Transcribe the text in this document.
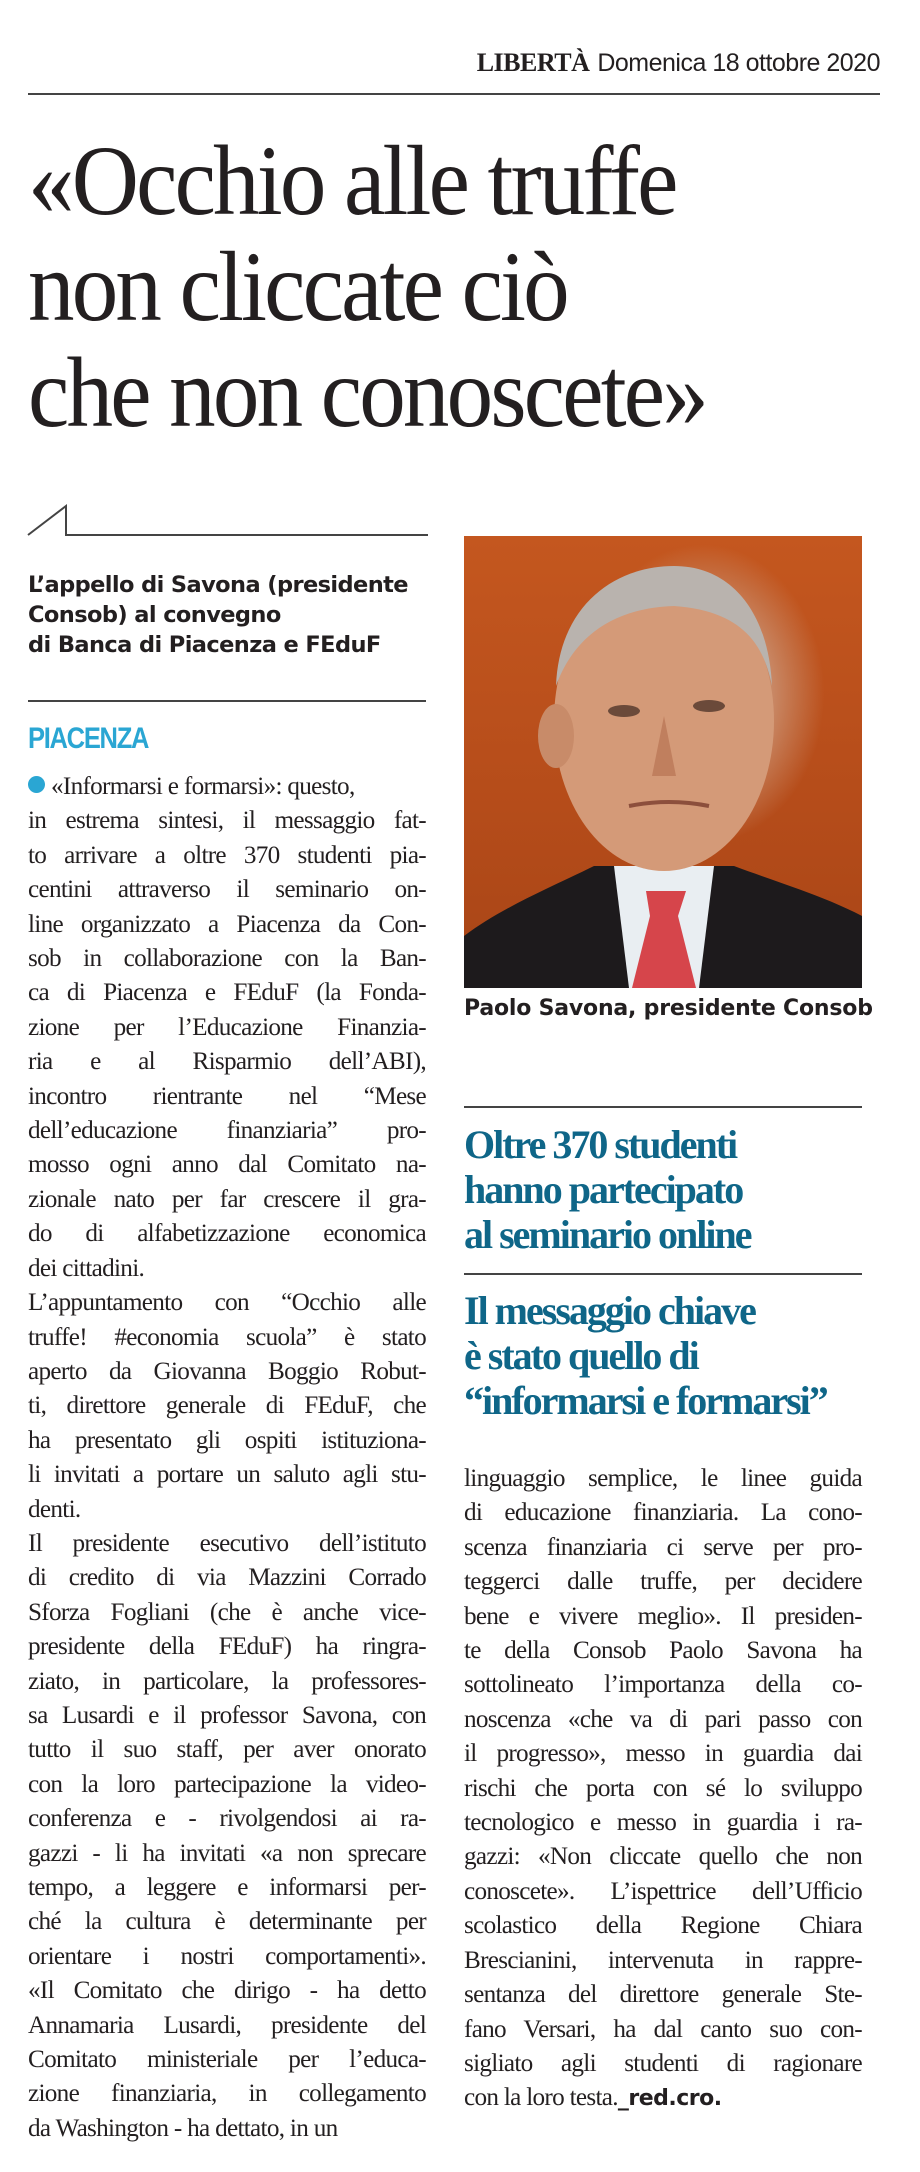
LIBERTÀ Domenica 18 ottobre 2020
«Occhio alle truffe
non cliccate ciò
che non conoscete»
L’appello di Savona (presidente
Consob) al convegno
di Banca di Piacenza e FEduF
PIACENZA
«Informarsi e formarsi»: questo,
in estrema sintesi, il messaggio fat-
to arrivare a oltre 370 studenti pia-
centini attraverso il seminario on-
line organizzato a Piacenza da Con-
sob in collaborazione con la Ban-
ca di Piacenza e FEduF (la Fonda-
zione per l’Educazione Finanzia-
ria e al Risparmio dell’ABI),
incontro rientrante nel “Mese
dell’educazione finanziaria” pro-
mosso ogni anno dal Comitato na-
zionale nato per far crescere il gra-
do di alfabetizzazione economica
dei cittadini.
L’appuntamento con “Occhio alle
truffe! #economia scuola” è stato
aperto da Giovanna Boggio Robut-
ti, direttore generale di FEduF, che
ha presentato gli ospiti istituziona-
li invitati a portare un saluto agli stu-
denti.
Il presidente esecutivo dell’istituto
di credito di via Mazzini Corrado
Sforza Fogliani (che è anche vice-
presidente della FEduF) ha ringra-
ziato, in particolare, la professores-
sa Lusardi e il professor Savona, con
tutto il suo staff, per aver onorato
con la loro partecipazione la video-
conferenza e - rivolgendosi ai ra-
gazzi - li ha invitati «a non sprecare
tempo, a leggere e informarsi per-
ché la cultura è determinante per
orientare i nostri comportamenti».
«Il Comitato che dirigo - ha detto
Annamaria Lusardi, presidente del
Comitato ministeriale per l’educa-
zione finanziaria, in collegamento
da Washington - ha dettato, in un
Paolo Savona, presidente Consob
Oltre 370 studenti
hanno partecipato
al seminario online
Il messaggio chiave
è stato quello di
“informarsi e formarsi”
linguaggio semplice, le linee guida
di educazione finanziaria. La cono-
scenza finanziaria ci serve per pro-
teggerci dalle truffe, per decidere
bene e vivere meglio». Il presiden-
te della Consob Paolo Savona ha
sottolineato l’importanza della co-
noscenza «che va di pari passo con
il progresso», messo in guardia dai
rischi che porta con sé lo sviluppo
tecnologico e messo in guardia i ra-
gazzi: «Non cliccate quello che non
conoscete». L’ispettrice dell’Ufficio
scolastico della Regione Chiara
Brescianini, intervenuta in rappre-
sentanza del direttore generale Ste-
fano Versari, ha dal canto suo con-
sigliato agli studenti di ragionare
con la loro testa._red.cro.
